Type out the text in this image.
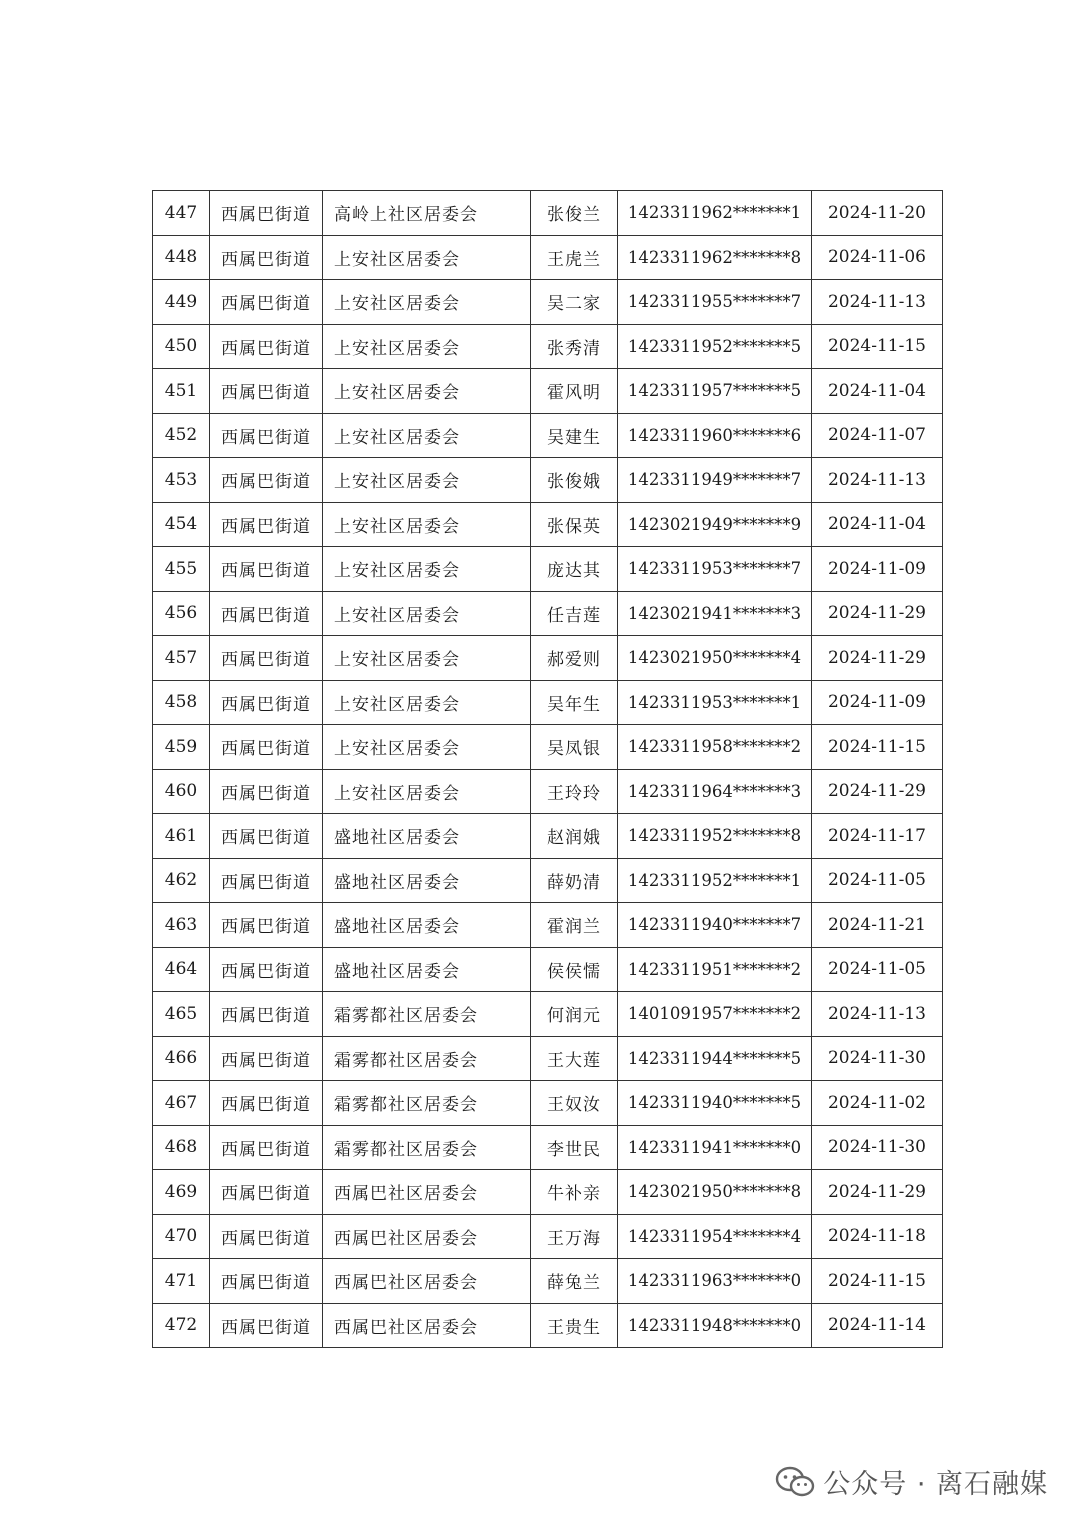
447	西属巴街道	高岭上社区居委会	张俊兰	1423311962*******1	2024-11-20
448	西属巴街道	上安社区居委会	王虎兰	1423311962*******8	2024-11-06
449	西属巴街道	上安社区居委会	吴二家	1423311955*******7	2024-11-13
450	西属巴街道	上安社区居委会	张秀清	1423311952*******5	2024-11-15
451	西属巴街道	上安社区居委会	霍风明	1423311957*******5	2024-11-04
452	西属巴街道	上安社区居委会	吴建生	1423311960*******6	2024-11-07
453	西属巴街道	上安社区居委会	张俊娥	1423311949*******7	2024-11-13
454	西属巴街道	上安社区居委会	张保英	1423021949*******9	2024-11-04
455	西属巴街道	上安社区居委会	庞达其	1423311953*******7	2024-11-09
456	西属巴街道	上安社区居委会	任吉莲	1423021941*******3	2024-11-29
457	西属巴街道	上安社区居委会	郝爱则	1423021950*******4	2024-11-29
458	西属巴街道	上安社区居委会	吴年生	1423311953*******1	2024-11-09
459	西属巴街道	上安社区居委会	吴凤银	1423311958*******2	2024-11-15
460	西属巴街道	上安社区居委会	王玲玲	1423311964*******3	2024-11-29
461	西属巴街道	盛地社区居委会	赵润娥	1423311952*******8	2024-11-17
462	西属巴街道	盛地社区居委会	薛奶清	1423311952*******1	2024-11-05
463	西属巴街道	盛地社区居委会	霍润兰	1423311940*******7	2024-11-21
464	西属巴街道	盛地社区居委会	侯侯懦	1423311951*******2	2024-11-05
465	西属巴街道	霜雾都社区居委会	何润元	1401091957*******2	2024-11-13
466	西属巴街道	霜雾都社区居委会	王大莲	1423311944*******5	2024-11-30
467	西属巴街道	霜雾都社区居委会	王奴汝	1423311940*******5	2024-11-02
468	西属巴街道	霜雾都社区居委会	李世民	1423311941*******0	2024-11-30
469	西属巴街道	西属巴社区居委会	牛补亲	1423021950*******8	2024-11-29
470	西属巴街道	西属巴社区居委会	王万海	1423311954*******4	2024-11-18
471	西属巴街道	西属巴社区居委会	薛兔兰	1423311963*******0	2024-11-15
472	西属巴街道	西属巴社区居委会	王贵生	1423311948*******0	2024-11-14
公众号 · 离石融媒
